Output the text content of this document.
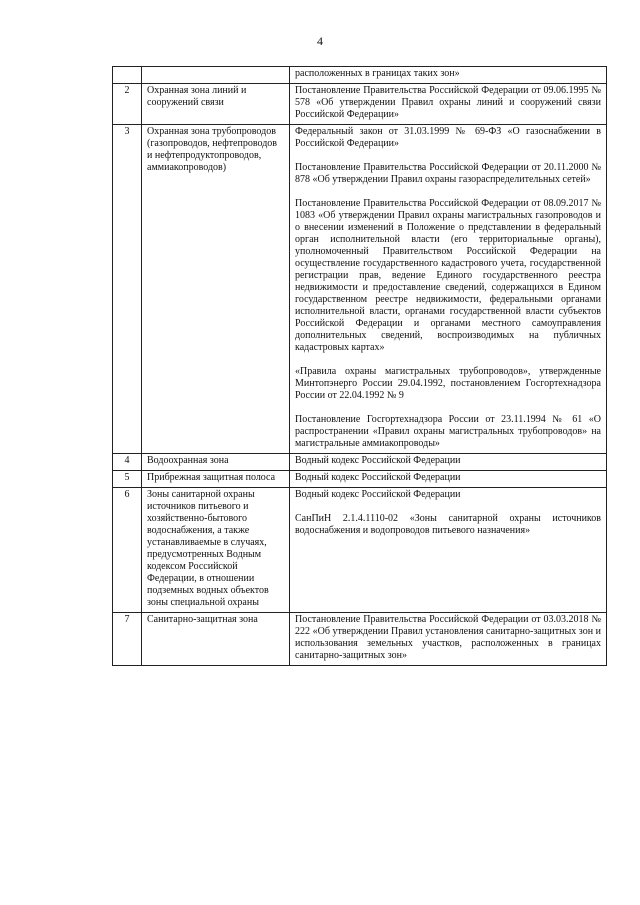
4

		расположенных в границах таких зон»

2	Охранная зона линий и сооружений связи	Постановление Правительства Российской Федерации от 09.06.1995 № 578 «Об утверждении Правил охраны линий и сооружений связи Российской Федерации»

3	Охранная зона трубопроводов (газопроводов, нефтепроводов и нефтепродуктопроводов, аммиакопроводов)	Федеральный закон от 31.03.1999 № 69-ФЗ «О газоснабжении в Российской Федерации»

Постановление Правительства Российской Федерации от 20.11.2000 № 878 «Об утверждении Правил охраны газораспределительных сетей»

Постановление Правительства Российской Федерации от 08.09.2017 № 1083 «Об утверждении Правил охраны магистральных газопроводов и о внесении изменений в Положение о представлении в федеральный орган исполнительной власти (его территориальные органы), уполномоченный Правительством Российской Федерации на осуществление государственного кадастрового учета, государственной регистрации прав, ведение Единого государственного реестра недвижимости и предоставление сведений, содержащихся в Едином государственном реестре недвижимости, федеральными органами исполнительной власти, органами государственной власти субъектов Российской Федерации и органами местного самоуправления дополнительных сведений, воспроизводимых на публичных кадастровых картах»

«Правила охраны магистральных трубопроводов», утвержденные Минтопэнерго России 29.04.1992, постановлением Госгортехнадзора России от 22.04.1992 № 9

Постановление Госгортехнадзора России от 23.11.1994 № 61 «О распространении «Правил охраны магистральных трубопроводов» на магистральные аммиакопроводы»

4	Водоохранная зона	Водный кодекс Российской Федерации

5	Прибрежная защитная полоса	Водный кодекс Российской Федерации

6	Зоны санитарной охраны источников питьевого и хозяйственно-бытового водоснабжения, а также устанавливаемые в случаях, предусмотренных Водным кодексом Российской Федерации, в отношении подземных водных объектов зоны специальной охраны	Водный кодекс Российской Федерации

СанПиН 2.1.4.1110-02 «Зоны санитарной охраны источников водоснабжения и водопроводов питьевого назначения»

7	Санитарно-защитная зона	Постановление Правительства Российской Федерации от 03.03.2018 № 222 «Об утверждении Правил установления санитарно-защитных зон и использования земельных участков, расположенных в границах санитарно-защитных зон»
